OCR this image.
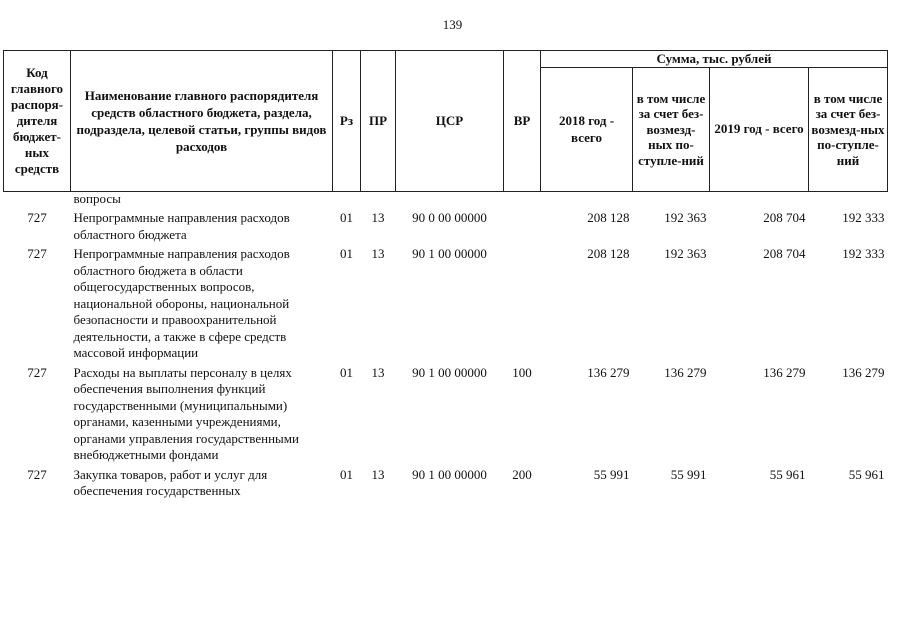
139
Код главного распоря-дителя бюджет-ных средств	Наименование главного распорядителя средств областного бюджета, раздела, подраздела, целевой статьи, группы видов расходов	Рз	ПР	ЦСР	ВР	Сумма, тыс. рублей			
						2018 год - всего	в том числе за счет без-возмезд-ных по-ступле-ний	2019 год - всего	в том числе за счет без-возмезд-ных по-ступле-ний
	вопросы								
727	Непрограммные направления расходов областного бюджета	01	13	90 0 00 00000		208 128	192 363	208 704	192 333
727	Непрограммные направления расходов областного бюджета в области общегосударственных вопросов, национальной обороны, национальной безопасности и правоохранительной деятельности, а также в сфере средств массовой информации	01	13	90 1 00 00000		208 128	192 363	208 704	192 333
727	Расходы на выплаты персоналу в целях обеспечения выполнения функций государственными (муниципальными) органами, казенными учреждениями, органами управления государственными внебюджетными фондами	01	13	90 1 00 00000	100	136 279	136 279	136 279	136 279
727	Закупка товаров, работ и услуг для обеспечения государственных	01	13	90 1 00 00000	200	55 991	55 991	55 961	55 961
